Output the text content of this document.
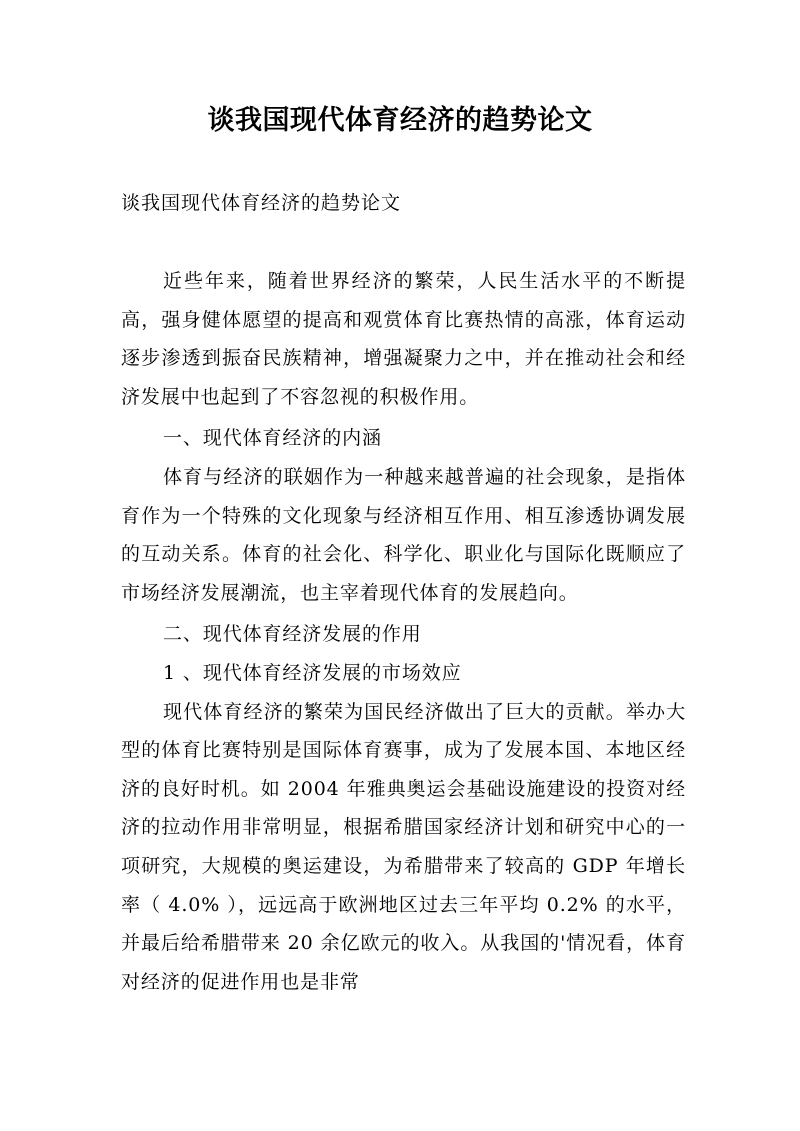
谈我国现代体育经济的趋势论文

谈我国现代体育经济的趋势论文

近些年来，随着世界经济的繁荣，人民生活水平的不断提高，强身健体愿望的提高和观赏体育比赛热情的高涨，体育运动逐步渗透到振奋民族精神，增强凝聚力之中，并在推动社会和经济发展中也起到了不容忽视的积极作用。

一、现代体育经济的内涵

体育与经济的联姻作为一种越来越普遍的社会现象，是指体育作为一个特殊的文化现象与经济相互作用、相互渗透协调发展的互动关系。体育的社会化、科学化、职业化与国际化既顺应了市场经济发展潮流，也主宰着现代体育的发展趋向。

二、现代体育经济发展的作用

1 、现代体育经济发展的市场效应

现代体育经济的繁荣为国民经济做出了巨大的贡献。举办大型的体育比赛特别是国际体育赛事，成为了发展本国、本地区经济的良好时机。如 2004 年雅典奥运会基础设施建设的投资对经济的拉动作用非常明显，根据希腊国家经济计划和研究中心的一项研究，大规模的奥运建设，为希腊带来了较高的 GDP 年增长率（ 4.0% ），远远高于欧洲地区过去三年平均 0.2% 的水平，并最后给希腊带来 20 余亿欧元的收入。从我国的'情况看，体育对经济的促进作用也是非常
